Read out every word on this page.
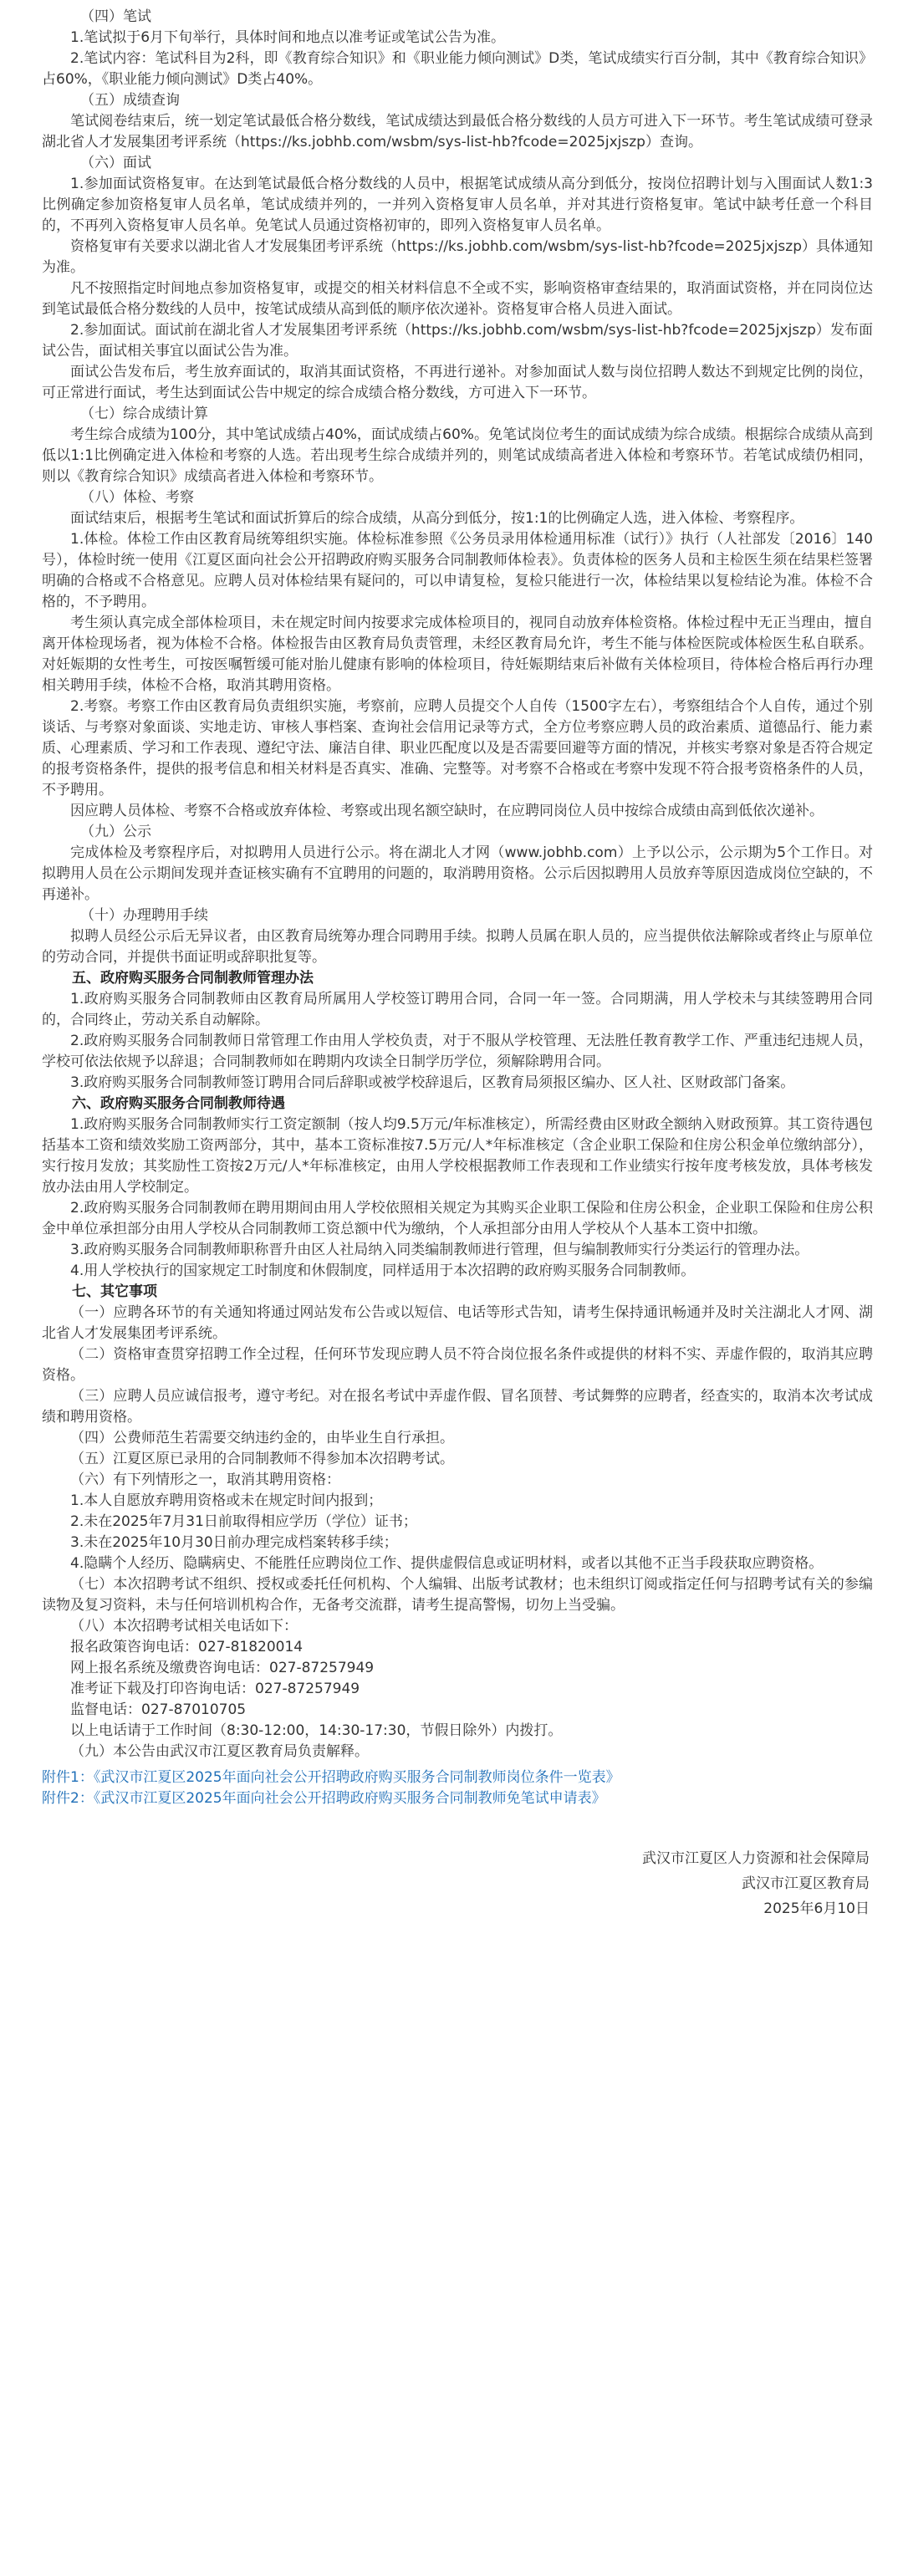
（四）笔试

1.笔试拟于6月下旬举行，具体时间和地点以准考证或笔试公告为准。

2.笔试内容：笔试科目为2科，即《教育综合知识》和《职业能力倾向测试》D类，笔试成绩实行百分制，其中《教育综合知识》占60%，《职业能力倾向测试》D类占40%。

（五）成绩查询

笔试阅卷结束后，统一划定笔试最低合格分数线，笔试成绩达到最低合格分数线的人员方可进入下一环节。考生笔试成绩可登录湖北省人才发展集团考评系统（https://ks.jobhb.com/wsbm/sys-list-hb?fcode=2025jxjszp）查询。

（六）面试

1.参加面试资格复审。在达到笔试最低合格分数线的人员中，根据笔试成绩从高分到低分，按岗位招聘计划与入围面试人数1:3比例确定参加资格复审人员名单，笔试成绩并列的，一并列入资格复审人员名单，并对其进行资格复审。笔试中缺考任意一个科目的，不再列入资格复审人员名单。免笔试人员通过资格初审的，即列入资格复审人员名单。

资格复审有关要求以湖北省人才发展集团考评系统（https://ks.jobhb.com/wsbm/sys-list-hb?fcode=2025jxjszp）具体通知为准。

凡不按照指定时间地点参加资格复审，或提交的相关材料信息不全或不实，影响资格审查结果的，取消面试资格，并在同岗位达到笔试最低合格分数线的人员中，按笔试成绩从高到低的顺序依次递补。资格复审合格人员进入面试。

2.参加面试。面试前在湖北省人才发展集团考评系统（https://ks.jobhb.com/wsbm/sys-list-hb?fcode=2025jxjszp）发布面试公告，面试相关事宜以面试公告为准。

面试公告发布后，考生放弃面试的，取消其面试资格，不再进行递补。对参加面试人数与岗位招聘人数达不到规定比例的岗位，可正常进行面试，考生达到面试公告中规定的综合成绩合格分数线，方可进入下一环节。

（七）综合成绩计算

考生综合成绩为100分，其中笔试成绩占40%，面试成绩占60%。免笔试岗位考生的面试成绩为综合成绩。根据综合成绩从高到低以1:1比例确定进入体检和考察的人选。若出现考生综合成绩并列的，则笔试成绩高者进入体检和考察环节。若笔试成绩仍相同，则以《教育综合知识》成绩高者进入体检和考察环节。

（八）体检、考察

面试结束后，根据考生笔试和面试折算后的综合成绩，从高分到低分，按1:1的比例确定人选，进入体检、考察程序。

1.体检。体检工作由区教育局统筹组织实施。体检标准参照《公务员录用体检通用标准（试行）》执行（人社部发〔2016〕140号），体检时统一使用《江夏区面向社会公开招聘政府购买服务合同制教师体检表》。负责体检的医务人员和主检医生须在结果栏签署明确的合格或不合格意见。应聘人员对体检结果有疑问的，可以申请复检，复检只能进行一次，体检结果以复检结论为准。体检不合格的，不予聘用。

考生须认真完成全部体检项目，未在规定时间内按要求完成体检项目的，视同自动放弃体检资格。体检过程中无正当理由，擅自离开体检现场者，视为体检不合格。体检报告由区教育局负责管理，未经区教育局允许，考生不能与体检医院或体检医生私自联系。对妊娠期的女性考生，可按医嘱暂缓可能对胎儿健康有影响的体检项目，待妊娠期结束后补做有关体检项目，待体检合格后再行办理相关聘用手续，体检不合格，取消其聘用资格。

2.考察。考察工作由区教育局负责组织实施，考察前，应聘人员提交个人自传（1500字左右），考察组结合个人自传，通过个别谈话、与考察对象面谈、实地走访、审核人事档案、查询社会信用记录等方式，全方位考察应聘人员的政治素质、道德品行、能力素质、心理素质、学习和工作表现、遵纪守法、廉洁自律、职业匹配度以及是否需要回避等方面的情况，并核实考察对象是否符合规定的报考资格条件，提供的报考信息和相关材料是否真实、准确、完整等。对考察不合格或在考察中发现不符合报考资格条件的人员，不予聘用。

因应聘人员体检、考察不合格或放弃体检、考察或出现名额空缺时，在应聘同岗位人员中按综合成绩由高到低依次递补。

（九）公示

完成体检及考察程序后，对拟聘用人员进行公示。将在湖北人才网（www.jobhb.com）上予以公示，公示期为5个工作日。对拟聘用人员在公示期间发现并查证核实确有不宜聘用的问题的，取消聘用资格。公示后因拟聘用人员放弃等原因造成岗位空缺的，不再递补。

（十）办理聘用手续

拟聘人员经公示后无异议者，由区教育局统筹办理合同聘用手续。拟聘人员属在职人员的，应当提供依法解除或者终止与原单位的劳动合同，并提供书面证明或辞职批复等。

五、政府购买服务合同制教师管理办法

1.政府购买服务合同制教师由区教育局所属用人学校签订聘用合同，合同一年一签。合同期满，用人学校未与其续签聘用合同的，合同终止，劳动关系自动解除。

2.政府购买服务合同制教师日常管理工作由用人学校负责，对于不服从学校管理、无法胜任教育教学工作、严重违纪违规人员，学校可依法依规予以辞退；合同制教师如在聘期内攻读全日制学历学位，须解除聘用合同。

3.政府购买服务合同制教师签订聘用合同后辞职或被学校辞退后，区教育局须报区编办、区人社、区财政部门备案。

六、政府购买服务合同制教师待遇

1.政府购买服务合同制教师实行工资定额制（按人均9.5万元/年标准核定），所需经费由区财政全额纳入财政预算。其工资待遇包括基本工资和绩效奖励工资两部分，其中，基本工资标准按7.5万元/人*年标准核定（含企业职工保险和住房公积金单位缴纳部分），实行按月发放；其奖励性工资按2万元/人*年标准核定，由用人学校根据教师工作表现和工作业绩实行按年度考核发放，具体考核发放办法由用人学校制定。

2.政府购买服务合同制教师在聘用期间由用人学校依照相关规定为其购买企业职工保险和住房公积金，企业职工保险和住房公积金中单位承担部分由用人学校从合同制教师工资总额中代为缴纳，个人承担部分由用人学校从个人基本工资中扣缴。

3.政府购买服务合同制教师职称晋升由区人社局纳入同类编制教师进行管理，但与编制教师实行分类运行的管理办法。

4.用人学校执行的国家规定工时制度和休假制度，同样适用于本次招聘的政府购买服务合同制教师。

七、其它事项

（一）应聘各环节的有关通知将通过网站发布公告或以短信、电话等形式告知，请考生保持通讯畅通并及时关注湖北人才网、湖北省人才发展集团考评系统。

（二）资格审查贯穿招聘工作全过程，任何环节发现应聘人员不符合岗位报名条件或提供的材料不实、弄虚作假的，取消其应聘资格。

（三）应聘人员应诚信报考，遵守考纪。对在报名考试中弄虚作假、冒名顶替、考试舞弊的应聘者，经查实的，取消本次考试成绩和聘用资格。

（四）公费师范生若需要交纳违约金的，由毕业生自行承担。

（五）江夏区原已录用的合同制教师不得参加本次招聘考试。

（六）有下列情形之一，取消其聘用资格：

1.本人自愿放弃聘用资格或未在规定时间内报到；

2.未在2025年7月31日前取得相应学历（学位）证书；

3.未在2025年10月30日前办理完成档案转移手续；

4.隐瞒个人经历、隐瞒病史、不能胜任应聘岗位工作、提供虚假信息或证明材料，或者以其他不正当手段获取应聘资格。

（七）本次招聘考试不组织、授权或委托任何机构、个人编辑、出版考试教材；也未组织订阅或指定任何与招聘考试有关的参编读物及复习资料，未与任何培训机构合作，无备考交流群，请考生提高警惕，切勿上当受骗。

（八）本次招聘考试相关电话如下：

报名政策咨询电话：027-81820014

网上报名系统及缴费咨询电话：027-87257949

准考证下载及打印咨询电话：027-87257949

监督电话：027-87010705

以上电话请于工作时间（8:30-12:00，14:30-17:30，节假日除外）内拨打。

（九）本公告由武汉市江夏区教育局负责解释。

附件1：《武汉市江夏区2025年面向社会公开招聘政府购买服务合同制教师岗位条件一览表》
附件2：《武汉市江夏区2025年面向社会公开招聘政府购买服务合同制教师免笔试申请表》
武汉市江夏区人力资源和社会保障局
武汉市江夏区教育局
2025年6月10日
